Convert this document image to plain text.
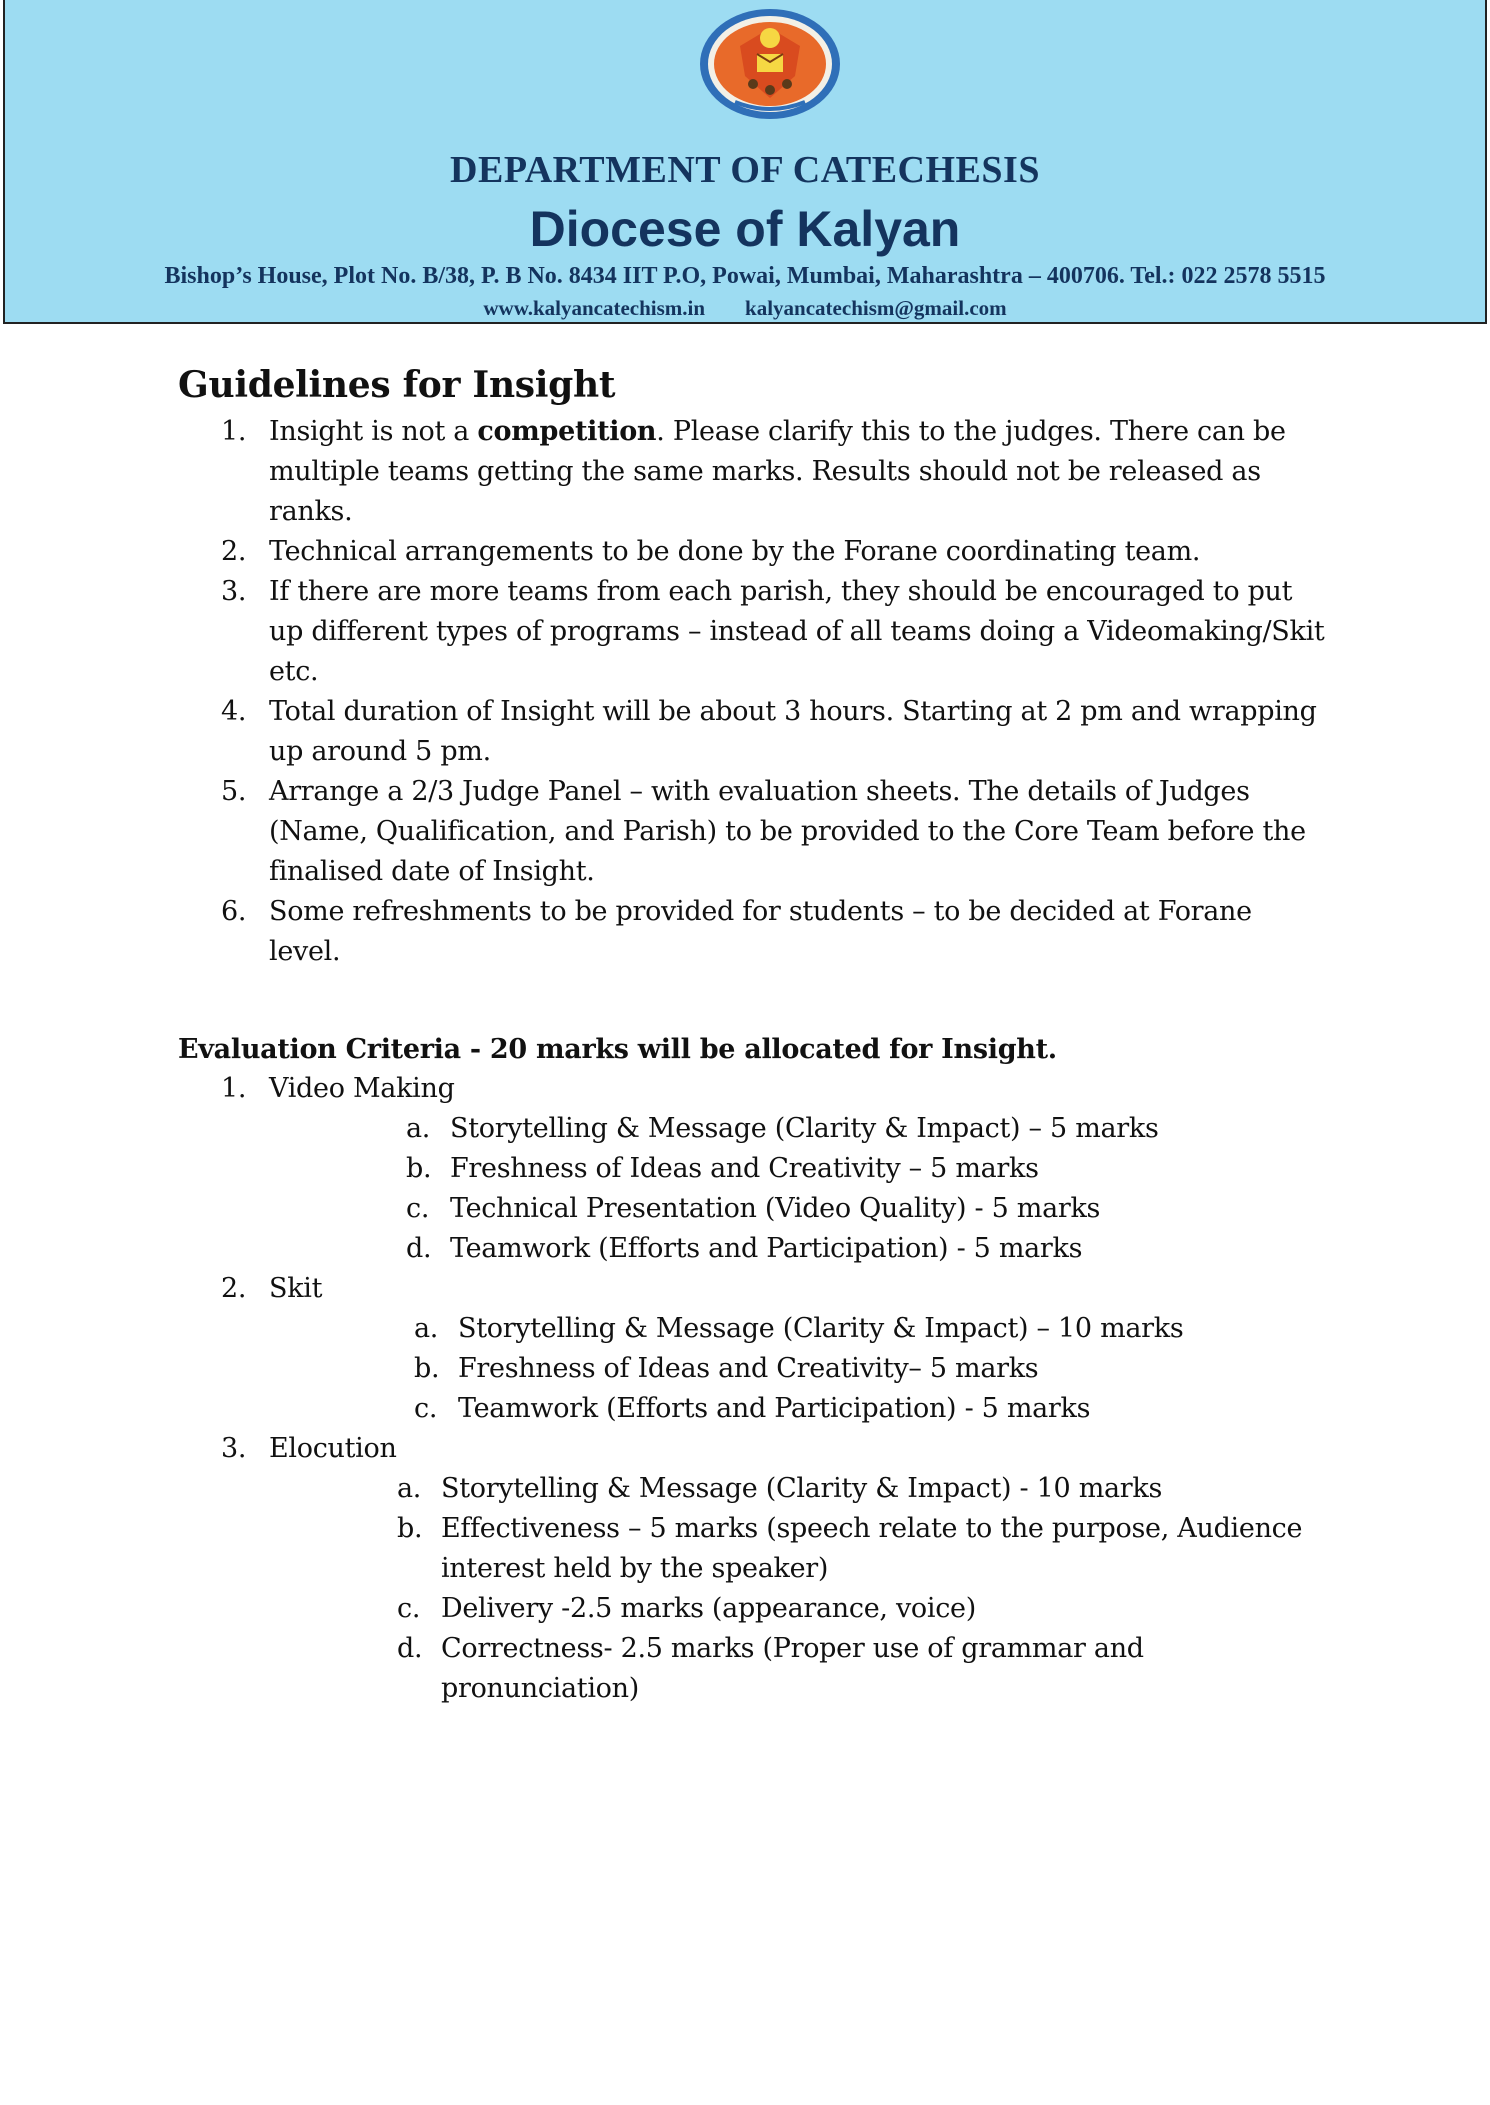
DEPARTMENT OF CATECHESIS
Diocese of Kalyan
Bishop’s House, Plot No. B/38, P. B No. 8434 IIT P.O, Powai, Mumbai, Maharashtra – 400706. Tel.: 022 2578 5515
www.kalyancatechism.in kalyancatechism@gmail.com
Guidelines for Insight
1. Insight is not a competition. Please clarify this to the judges. There can be multiple teams getting the same marks. Results should not be released as ranks.
2. Technical arrangements to be done by the Forane coordinating team.
3. If there are more teams from each parish, they should be encouraged to put up different types of programs – instead of all teams doing a Videomaking/Skit etc.
4. Total duration of Insight will be about 3 hours. Starting at 2 pm and wrapping up around 5 pm.
5. Arrange a 2/3 Judge Panel – with evaluation sheets. The details of Judges (Name, Qualification, and Parish) to be provided to the Core Team before the finalised date of Insight.
6. Some refreshments to be provided for students – to be decided at Forane level.
Evaluation Criteria - 20 marks will be allocated for Insight.
1. Video Making
a. Storytelling & Message (Clarity & Impact) – 5 marks
b. Freshness of Ideas and Creativity – 5 marks
c. Technical Presentation (Video Quality) - 5 marks
d. Teamwork (Efforts and Participation) - 5 marks
2. Skit
a. Storytelling & Message (Clarity & Impact) – 10 marks
b. Freshness of Ideas and Creativity– 5 marks
c. Teamwork (Efforts and Participation) - 5 marks
3. Elocution
a. Storytelling & Message (Clarity & Impact) - 10 marks
b. Effectiveness – 5 marks (speech relate to the purpose, Audience interest held by the speaker)
c. Delivery -2.5 marks (appearance, voice)
d. Correctness- 2.5 marks (Proper use of grammar and pronunciation)
